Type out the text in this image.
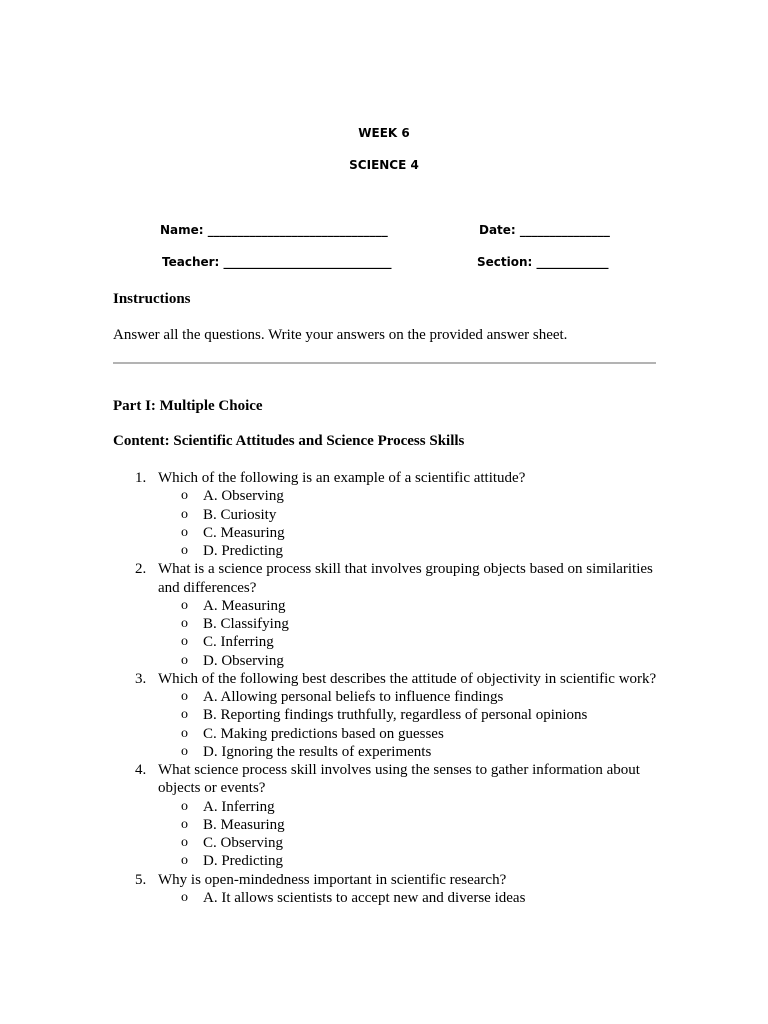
WEEK 6
SCIENCE 4
Name: ______________________________	Date: _______________
Teacher: ____________________________	Section: ____________
Instructions
Answer all the questions. Write your answers on the provided answer sheet.
Part I: Multiple Choice
Content: Scientific Attitudes and Science Process Skills
1. Which of the following is an example of a scientific attitude?
o A. Observing
o B. Curiosity
o C. Measuring
o D. Predicting
2. What is a science process skill that involves grouping objects based on similarities and differences?
o A. Measuring
o B. Classifying
o C. Inferring
o D. Observing
3. Which of the following best describes the attitude of objectivity in scientific work?
o A. Allowing personal beliefs to influence findings
o B. Reporting findings truthfully, regardless of personal opinions
o C. Making predictions based on guesses
o D. Ignoring the results of experiments
4. What science process skill involves using the senses to gather information about objects or events?
o A. Inferring
o B. Measuring
o C. Observing
o D. Predicting
5. Why is open-mindedness important in scientific research?
o A. It allows scientists to accept new and diverse ideas
